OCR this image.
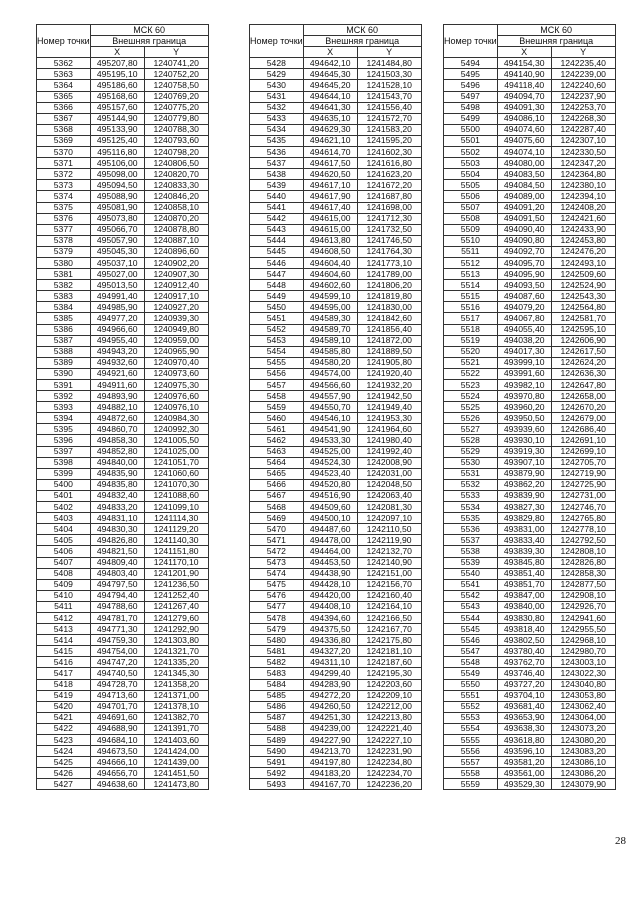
Номер точки	МСК 60	
	Внешняя граница	
	X	Y
5362	495207,80	1240741,20
5363	495195,10	1240752,20
5364	495186,60	1240758,50
5365	495168,60	1240769,20
5366	495157,60	1240775,20
5367	495144,90	1240779,80
5368	495133,90	1240788,30
5369	495125,40	1240793,60
5370	495116,80	1240798,20
5371	495106,00	1240806,50
5372	495098,00	1240820,70
5373	495094,50	1240833,30
5374	495088,90	1240846,20
5375	495081,90	1240858,10
5376	495073,80	1240870,20
5377	495066,70	1240878,80
5378	495057,90	1240887,10
5379	495045,30	1240896,60
5380	495037,10	1240902,20
5381	495027,00	1240907,30
5382	495013,50	1240912,40
5383	494991,40	1240917,10
5384	494985,90	1240927,20
5385	494977,20	1240939,30
5386	494966,60	1240949,80
5387	494955,40	1240959,00
5388	494943,20	1240965,90
5389	494932,60	1240970,40
5390	494921,60	1240973,60
5391	494911,60	1240975,30
5392	494893,90	1240976,60
5393	494882,10	1240976,10
5394	494872,60	1240984,30
5395	494860,70	1240992,30
5396	494858,30	1241005,50
5397	494852,80	1241025,00
5398	494840,00	1241051,70
5399	494835,90	1241060,60
5400	494835,80	1241070,30
5401	494832,40	1241088,60
5402	494833,20	1241099,10
5403	494831,10	1241114,30
5404	494830,30	1241129,20
5405	494826,80	1241140,30
5406	494821,50	1241151,80
5407	494809,40	1241170,10
5408	494803,40	1241201,90
5409	494797,50	1241236,50
5410	494794,40	1241252,40
5411	494788,60	1241267,40
5412	494781,70	1241279,60
5413	494771,30	1241292,90
5414	494759,30	1241303,80
5415	494754,00	1241321,70
5416	494747,20	1241335,20
5417	494740,50	1241345,30
5418	494728,70	1241358,20
5419	494713,60	1241371,00
5420	494701,70	1241378,10
5421	494691,60	1241382,70
5422	494688,90	1241391,70
5423	494684,10	1241403,60
5424	494673,50	1241424,00
5425	494666,10	1241439,00
5426	494656,70	1241451,50
5427	494638,60	1241473,80
Номер точки	МСК 60	
	Внешняя граница	
	X	Y
5428	494642,10	1241484,80
5429	494645,30	1241503,30
5430	494645,20	1241528,10
5431	494644,10	1241543,70
5432	494641,30	1241556,40
5433	494635,10	1241572,70
5434	494629,30	1241583,20
5435	494621,10	1241595,20
5436	494614,70	1241602,30
5437	494617,50	1241616,80
5438	494620,50	1241623,20
5439	494617,10	1241672,20
5440	494617,90	1241687,80
5441	494617,40	1241698,00
5442	494615,00	1241712,30
5443	494615,00	1241732,50
5444	494613,80	1241746,50
5445	494608,50	1241764,30
5446	494604,40	1241773,10
5447	494604,60	1241789,00
5448	494602,60	1241806,20
5449	494599,10	1241819,80
5450	494595,00	1241830,00
5451	494589,30	1241842,60
5452	494589,70	1241856,40
5453	494589,10	1241872,00
5454	494585,80	1241889,50
5455	494580,20	1241905,80
5456	494574,00	1241920,40
5457	494566,60	1241932,20
5458	494557,90	1241942,50
5459	494550,70	1241949,40
5460	494546,10	1241953,30
5461	494541,90	1241964,60
5462	494533,30	1241980,40
5463	494525,00	1241992,40
5464	494524,30	1242008,90
5465	494523,40	1242031,00
5466	494520,80	1242048,50
5467	494516,90	1242063,40
5468	494509,60	1242081,30
5469	494500,10	1242097,10
5470	494487,60	1242110,50
5471	494478,00	1242119,90
5472	494464,00	1242132,70
5473	494453,50	1242140,90
5474	494438,90	1242151,00
5475	494428,10	1242156,70
5476	494420,00	1242160,40
5477	494408,10	1242164,10
5478	494394,60	1242166,50
5479	494375,50	1242167,70
5480	494336,80	1242175,80
5481	494327,20	1242181,10
5482	494311,10	1242187,60
5483	494299,40	1242195,30
5484	494283,90	1242203,60
5485	494272,20	1242209,10
5486	494260,50	1242212,00
5487	494251,30	1242213,80
5488	494239,00	1242221,40
5489	494227,90	1242227,10
5490	494213,70	1242231,90
5491	494197,80	1242234,80
5492	494183,20	1242234,70
5493	494167,70	1242236,20
Номер точки	МСК 60	
	Внешняя граница	
	X	Y
5494	494154,30	1242235,40
5495	494140,90	1242239,00
5496	494118,40	1242240,60
5497	494094,70	1242237,90
5498	494091,30	1242253,70
5499	494086,10	1242268,30
5500	494074,60	1242287,40
5501	494075,60	1242307,10
5502	494074,10	1242330,50
5503	494080,00	1242347,20
5504	494083,50	1242364,80
5505	494084,50	1242380,10
5506	494089,00	1242394,10
5507	494091,20	1242408,20
5508	494091,50	1242421,60
5509	494090,40	1242433,90
5510	494090,80	1242453,80
5511	494092,70	1242476,20
5512	494095,70	1242493,10
5513	494095,90	1242509,60
5514	494093,50	1242524,90
5515	494087,60	1242543,30
5516	494079,20	1242564,80
5517	494067,80	1242581,70
5518	494055,40	1242595,10
5519	494038,20	1242606,90
5520	494017,30	1242617,50
5521	493999,10	1242624,20
5522	493991,60	1242636,30
5523	493982,10	1242647,80
5524	493970,80	1242658,00
5525	493960,20	1242670,20
5526	493950,50	1242679,00
5527	493939,60	1242686,40
5528	493930,10	1242691,10
5529	493919,30	1242699,10
5530	493907,10	1242705,70
5531	493879,90	1242719,90
5532	493862,20	1242725,90
5533	493839,90	1242731,00
5534	493827,30	1242746,70
5535	493829,80	1242765,80
5536	493831,00	1242778,10
5537	493833,40	1242792,50
5538	493839,30	1242808,10
5539	493845,80	1242826,80
5540	493851,40	1242858,30
5541	493851,70	1242877,50
5542	493847,00	1242908,10
5543	493840,00	1242926,70
5544	493830,80	1242941,60
5545	493818,40	1242955,50
5546	493802,50	1242968,10
5547	493780,40	1242980,70
5548	493762,70	1243003,10
5549	493746,40	1243022,30
5550	493727,20	1243040,80
5551	493704,10	1243053,80
5552	493681,40	1243062,40
5553	493653,90	1243064,00
5554	493638,30	1243073,20
5555	493618,80	1243080,20
5556	493596,10	1243083,20
5557	493581,20	1243086,10
5558	493561,00	1243086,20
5559	493529,30	1243079,90
28
